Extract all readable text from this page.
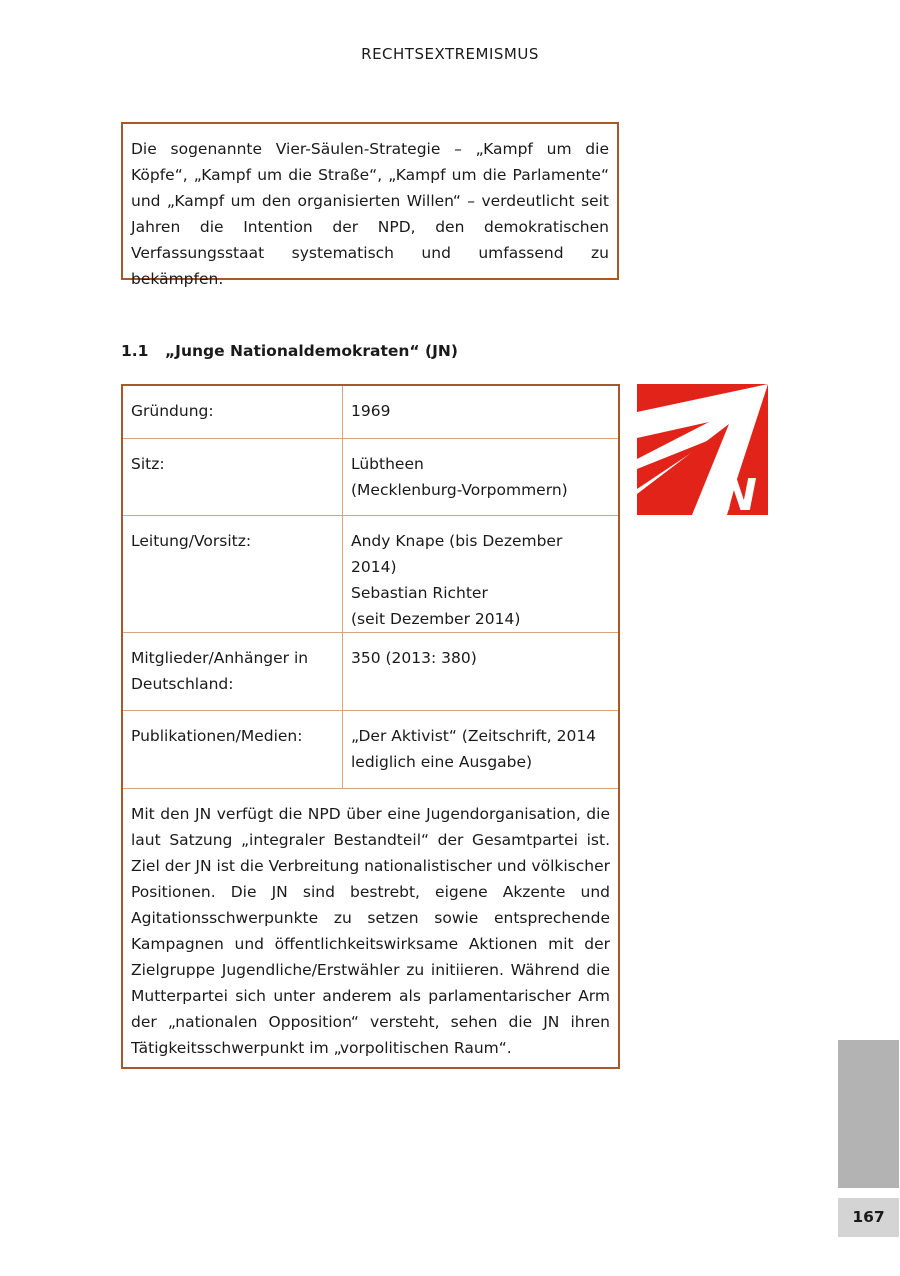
RECHTSEXTREMISMUS

Die sogenannte Vier-Säulen-Strategie – „Kampf um die Köpfe“, „Kampf um die Straße“, „Kampf um die Parlamente“ und „Kampf um den organisierten Willen“ – verdeutlicht seit Jahren die Intention der NPD, den demokratischen Verfassungsstaat systematisch und umfassend zu bekämpfen.

1.1 „Junge Nationaldemokraten“ (JN)
Gründung:	1969

Sitz:	Lübtheen
(Mecklenburg-Vorpommern)

Leitung/Vorsitz:	Andy Knape (bis Dezember 2014)
Sebastian Richter
(seit Dezember 2014)

Mitglieder/Anhänger in Deutschland:	350 (2013: 380)

Publikationen/Medien:	„Der Aktivist“ (Zeitschrift, 2014 lediglich eine Ausgabe)

Mit den JN verfügt die NPD über eine Jugendorganisation, die laut Satzung „integraler Bestandteil“ der Gesamtpartei ist. Ziel der JN ist die Verbreitung nationalistischer und völkischer Positionen. Die JN sind bestrebt, eigene Akzente und Agitationsschwerpunkte zu setzen sowie entsprechende Kampagnen und öffentlichkeitswirksame Aktionen mit der Zielgruppe Jugendliche/Erstwähler zu initiieren. Während die Mutterpartei sich unter anderem als parlamentarischer Arm der „nationalen Opposition“ versteht, sehen die JN ihren Tätigkeitsschwerpunkt im „vorpolitischen Raum“.	
JN
167
